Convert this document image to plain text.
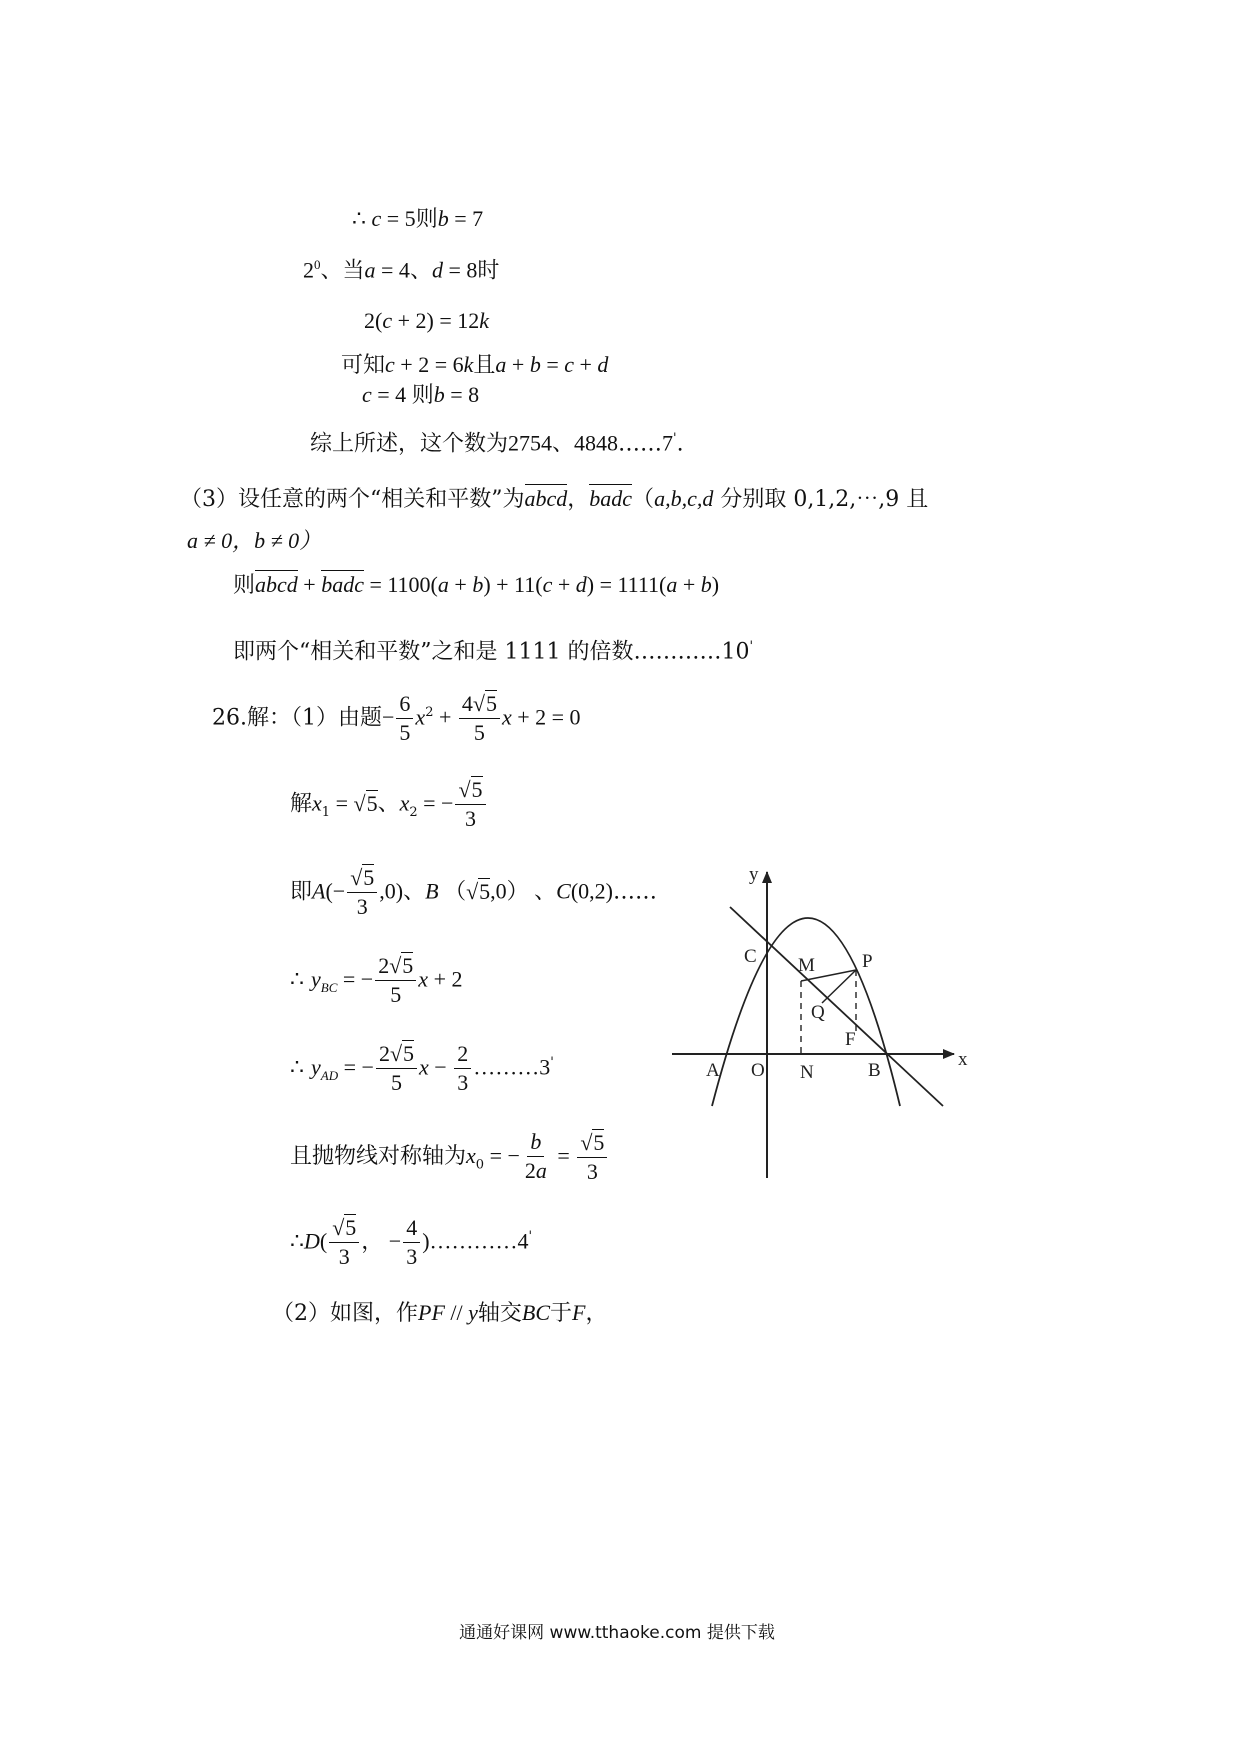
∴ c = 5则b = 7
$2^0$、当a = 4、d = 8时
2(c + 2) = 12k
可知c + 2 = 6k且a + b = c + d
c = 4 则b = 8
综上所述，这个数为2754、4848……7'.
（3）设任意的两个“相关和平数”为abcd，badc（a,b,c,d 分别取 0,1,2,⋯,9 且
a ≠ 0，b ≠ 0）
则abcd + badc = 1100(a + b) + 11(c + d) = 1111(a + b)
即两个“相关和平数”之和是 1111 的倍数…………10'
26.解：（1）由题− $\frac{6}{5} x^2 + \frac{4√5}{5}$ x + 2 = 0
解$x_1 = √5$、$x_2$ = − $\frac{√5}{3}$
即$A(- \frac{√5}{3} ,0)$、B （√5,0） 、C(0,2)……
∴ $y_{BC}$ = − $\frac{2√5}{5}$ x + 2
∴ $y_{AD}$ = − $\frac{2√5}{5}$ $x - \frac{2}{3}$ ………3'
且抛物线对称轴为$x_0$ = − $\frac{b}{2a} = \frac{√5}{3}$
∴D( $\frac{√5}{3}$ ， − $\frac{4}{3}$ )…………4'
（2）如图，作PF // y轴交BC于F，
y
x
A O N	B
C M P
Q
F
通通好课网 www.tthaoke.com 提供下载
